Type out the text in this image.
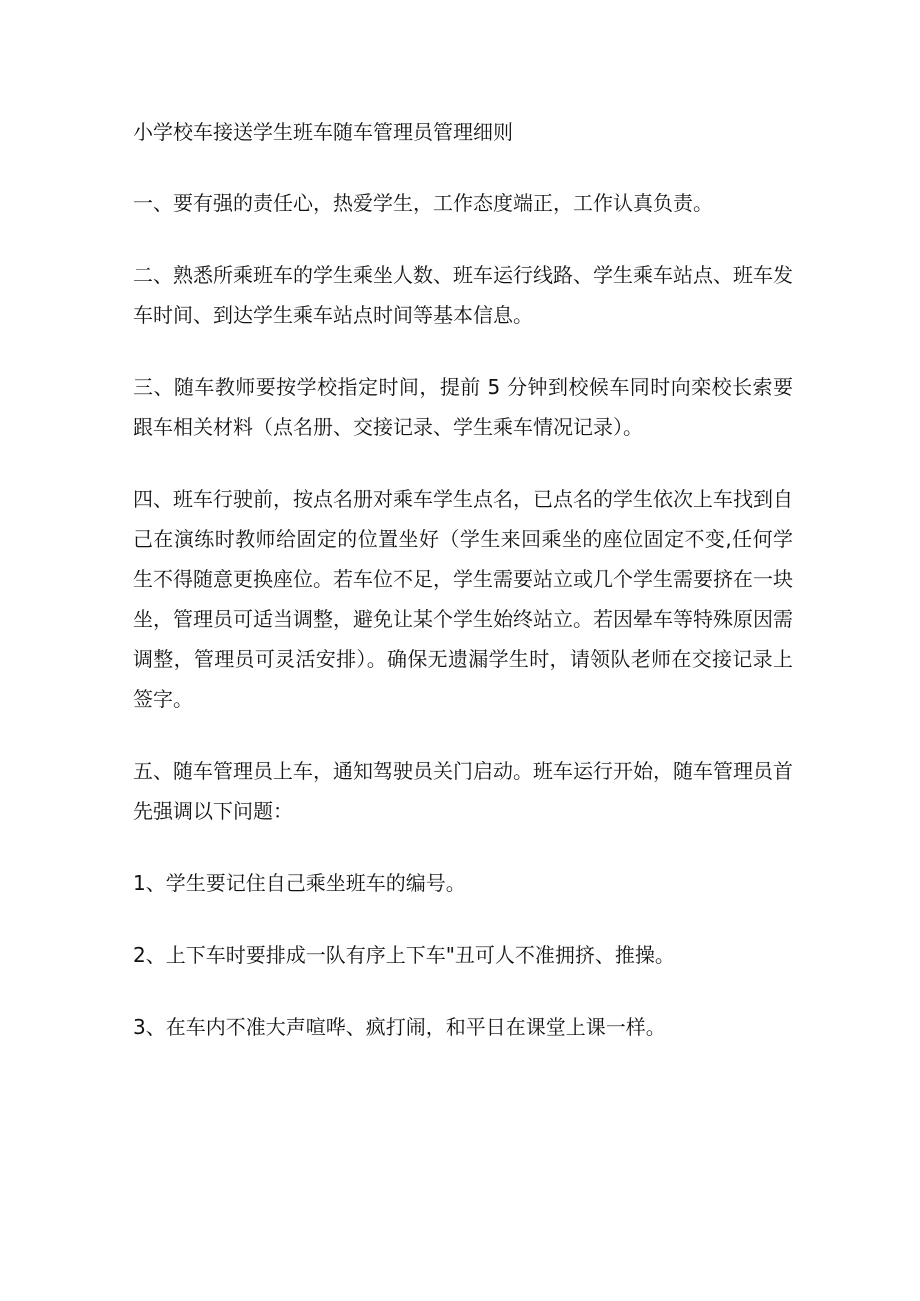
小学校车接送学生班车随车管理员管理细则

一、要有强的责任心，热爱学生，工作态度端正，工作认真负责。

二、熟悉所乘班车的学生乘坐人数、班车运行线路、学生乘车站点、班车发车时间、到达学生乘车站点时间等基本信息。

三、随车教师要按学校指定时间，提前 5 分钟到校候车同时向栾校长索要跟车相关材料（点名册、交接记录、学生乘车情况记录）。

四、班车行驶前，按点名册对乘车学生点名，已点名的学生依次上车找到自己在演练时教师给固定的位置坐好（学生来回乘坐的座位固定不变,任何学生不得随意更换座位。若车位不足，学生需要站立或几个学生需要挤在一块坐，管理员可适当调整，避免让某个学生始终站立。若因晕车等特殊原因需调整，管理员可灵活安排）。确保无遗漏学生时，请领队老师在交接记录上签字。

五、随车管理员上车，通知驾驶员关门启动。班车运行开始，随车管理员首先强调以下问题：

1、学生要记住自己乘坐班车的编号。

2、上下车时要排成一队有序上下车"丑可人不准拥挤、推操。

3、在车内不准大声喧哗、疯打闹，和平日在课堂上课一样。
